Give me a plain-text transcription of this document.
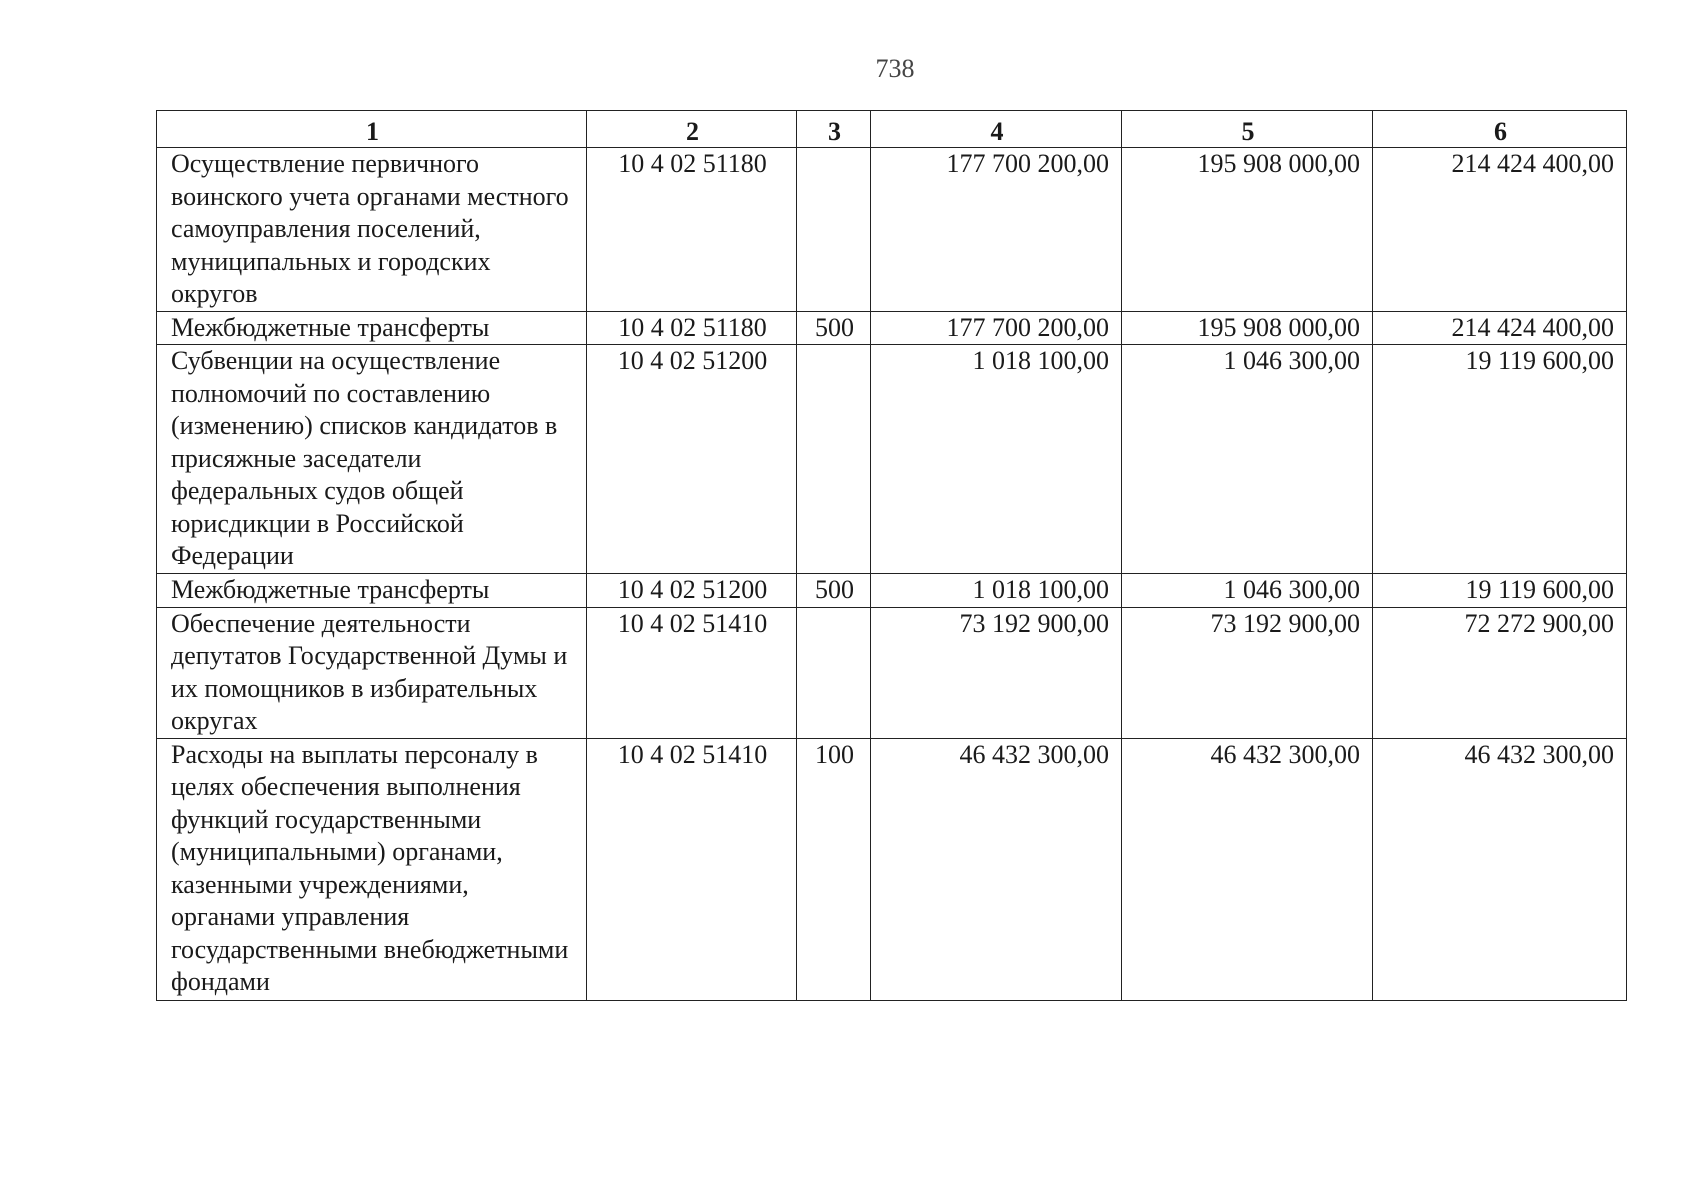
738
1	2	3	4	5	6
Осуществление первичного воинского учета органами местного самоуправления поселений, муниципальных и городских округов	10 4 02 51180		177 700 200,00	195 908 000,00	214 424 400,00
Межбюджетные трансферты	10 4 02 51180	500	177 700 200,00	195 908 000,00	214 424 400,00
Субвенции на осуществление полномочий по составлению (изменению) списков кандидатов в присяжные заседатели федеральных судов общей юрисдикции в Российской Федерации	10 4 02 51200		1 018 100,00	1 046 300,00	19 119 600,00
Межбюджетные трансферты	10 4 02 51200	500	1 018 100,00	1 046 300,00	19 119 600,00
Обеспечение деятельности депутатов Государственной Думы и их помощников в избирательных округах	10 4 02 51410		73 192 900,00	73 192 900,00	72 272 900,00
Расходы на выплаты персоналу в целях обеспечения выполнения функций государственными (муниципальными) органами, казенными учреждениями, органами управления государственными внебюджетными фондами	10 4 02 51410	100	46 432 300,00	46 432 300,00	46 432 300,00
